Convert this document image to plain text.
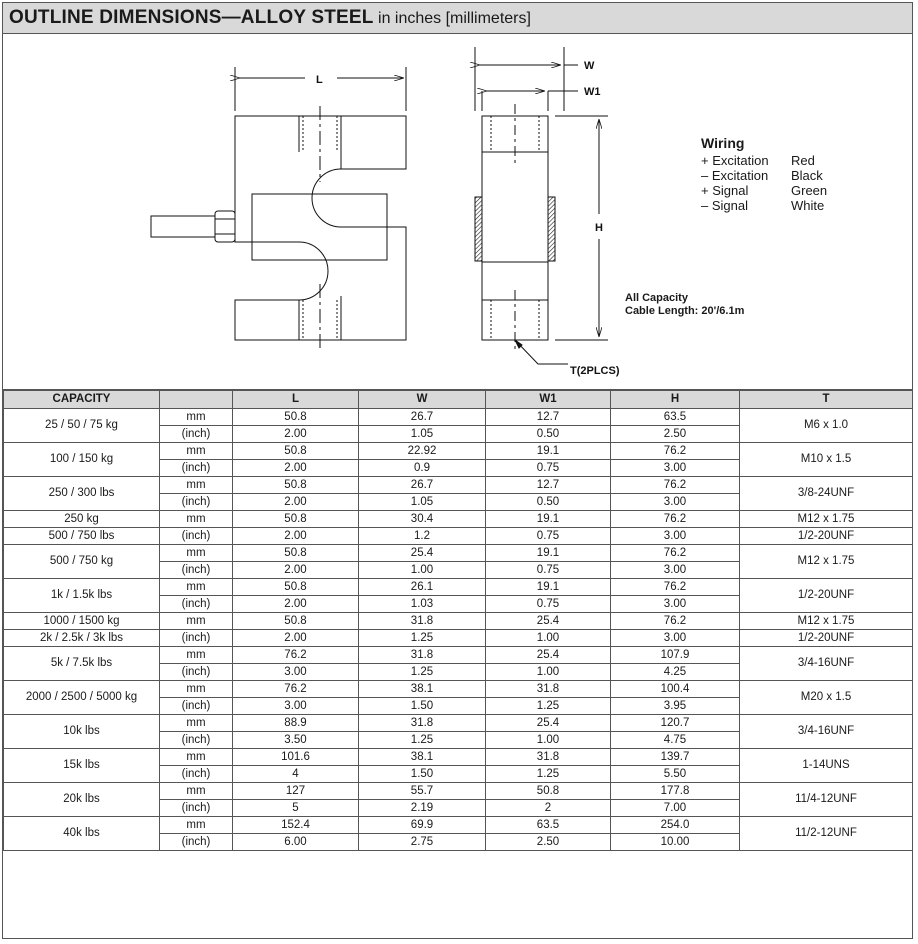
OUTLINE DIMENSIONS—ALLOY STEEL in inches [millimeters]
L
W
W1
H
T(2PLCS)
Wiring
+ Excitation	Red
– Excitation	Black
+ Signal	Green
– Signal	White
All Capacity
Cable Length: 20'/6.1m
CAPACITY		L	W	W1	H	T
25 / 50 / 75 kg	mm	50.8	26.7	12.7	63.5	M6 x 1.0
	(inch)	2.00	1.05	0.50	2.50	
100 / 150 kg	mm	50.8	22.92	19.1	76.2	M10 x 1.5
	(inch)	2.00	0.9	0.75	3.00	
250 / 300 lbs	mm	50.8	26.7	12.7	76.2	3/8-24UNF
	(inch)	2.00	1.05	0.50	3.00	
250 kg	mm	50.8	30.4	19.1	76.2	M12 x 1.75
500 / 750 lbs	(inch)	2.00	1.2	0.75	3.00	1/2-20UNF
500 / 750 kg	mm	50.8	25.4	19.1	76.2	M12 x 1.75
	(inch)	2.00	1.00	0.75	3.00	
1k / 1.5k lbs	mm	50.8	26.1	19.1	76.2	1/2-20UNF
	(inch)	2.00	1.03	0.75	3.00	
1000 / 1500 kg	mm	50.8	31.8	25.4	76.2	M12 x 1.75
2k / 2.5k / 3k lbs	(inch)	2.00	1.25	1.00	3.00	1/2-20UNF
5k / 7.5k lbs	mm	76.2	31.8	25.4	107.9	3/4-16UNF
	(inch)	3.00	1.25	1.00	4.25	
2000 / 2500 / 5000 kg	mm	76.2	38.1	31.8	100.4	M20 x 1.5
	(inch)	3.00	1.50	1.25	3.95	
10k lbs	mm	88.9	31.8	25.4	120.7	3/4-16UNF
	(inch)	3.50	1.25	1.00	4.75	
15k lbs	mm	101.6	38.1	31.8	139.7	1-14UNS
	(inch)	4	1.50	1.25	5.50	
20k lbs	mm	127	55.7	50.8	177.8	11/4-12UNF
	(inch)	5	2.19	2	7.00	
40k lbs	mm	152.4	69.9	63.5	254.0	11/2-12UNF
	(inch)	6.00	2.75	2.50	10.00	
